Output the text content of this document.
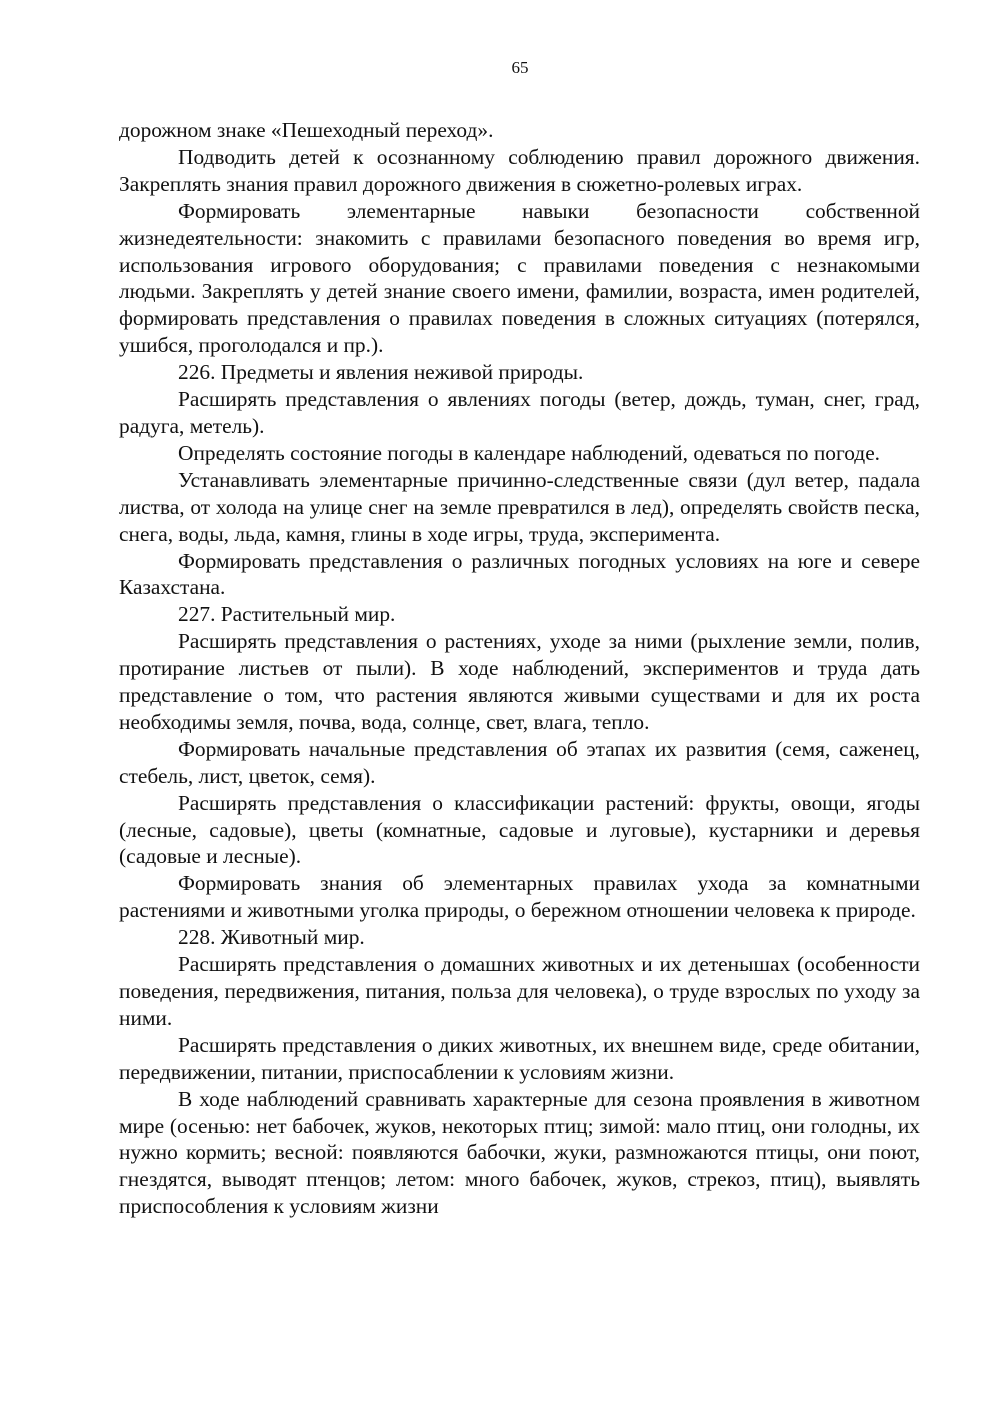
65

дорожном знаке «Пешеходный переход».

Подводить детей к осознанному соблюдению правил дорожного движения. Закреплять знания правил дорожного движения в сюжетно-ролевых играх.

Формировать элементарные навыки безопасности собственной жизнедеятельности: знакомить с правилами безопасного поведения во время игр, использования игрового оборудования; с правилами поведения с незнакомыми людьми. Закреплять у детей знание своего имени, фамилии, возраста, имен родителей, формировать представления о правилах поведения в сложных ситуациях (потерялся, ушибся, проголодался и пр.).

226. Предметы и явления неживой природы.

Расширять представления о явлениях погоды (ветер, дождь, туман, снег, град, радуга, метель).

Определять состояние погоды в календаре наблюдений, одеваться по погоде.

Устанавливать элементарные причинно-следственные связи (дул ветер, падала листва, от холода на улице снег на земле превратился в лед), определять свойств песка, снега, воды, льда, камня, глины в ходе игры, труда, эксперимента.

Формировать представления о различных погодных условиях на юге и севере Казахстана.

227. Растительный мир.

Расширять представления о растениях, уходе за ними (рыхление земли, полив, протирание листьев от пыли). В ходе наблюдений, экспериментов и труда дать представление о том, что растения являются живыми существами и для их роста необходимы земля, почва, вода, солнце, свет, влага, тепло.

Формировать начальные представления об этапах их развития (семя, саженец, стебель, лист, цветок, семя).

Расширять представления о классификации растений: фрукты, овощи, ягоды (лесные, садовые), цветы (комнатные, садовые и луговые), кустарники и деревья (садовые и лесные).

Формировать знания об элементарных правилах ухода за комнатными растениями и животными уголка природы, о бережном отношении человека к природе.

228. Животный мир.

Расширять представления о домашних животных и их детенышах (особенности поведения, передвижения, питания, польза для человека), о труде взрослых по уходу за ними.

Расширять представления о диких животных, их внешнем виде, среде обитании, передвижении, питании, приспосаблении к условиям жизни.

В ходе наблюдений сравнивать характерные для сезона проявления в животном мире (осенью: нет бабочек, жуков, некоторых птиц; зимой: мало птиц, они голодны, их нужно кормить; весной: появляются бабочки, жуки, размножаются птицы, они поют, гнездятся, выводят птенцов; летом: много бабочек, жуков, стрекоз, птиц), выявлять приспособления к условиям жизни
